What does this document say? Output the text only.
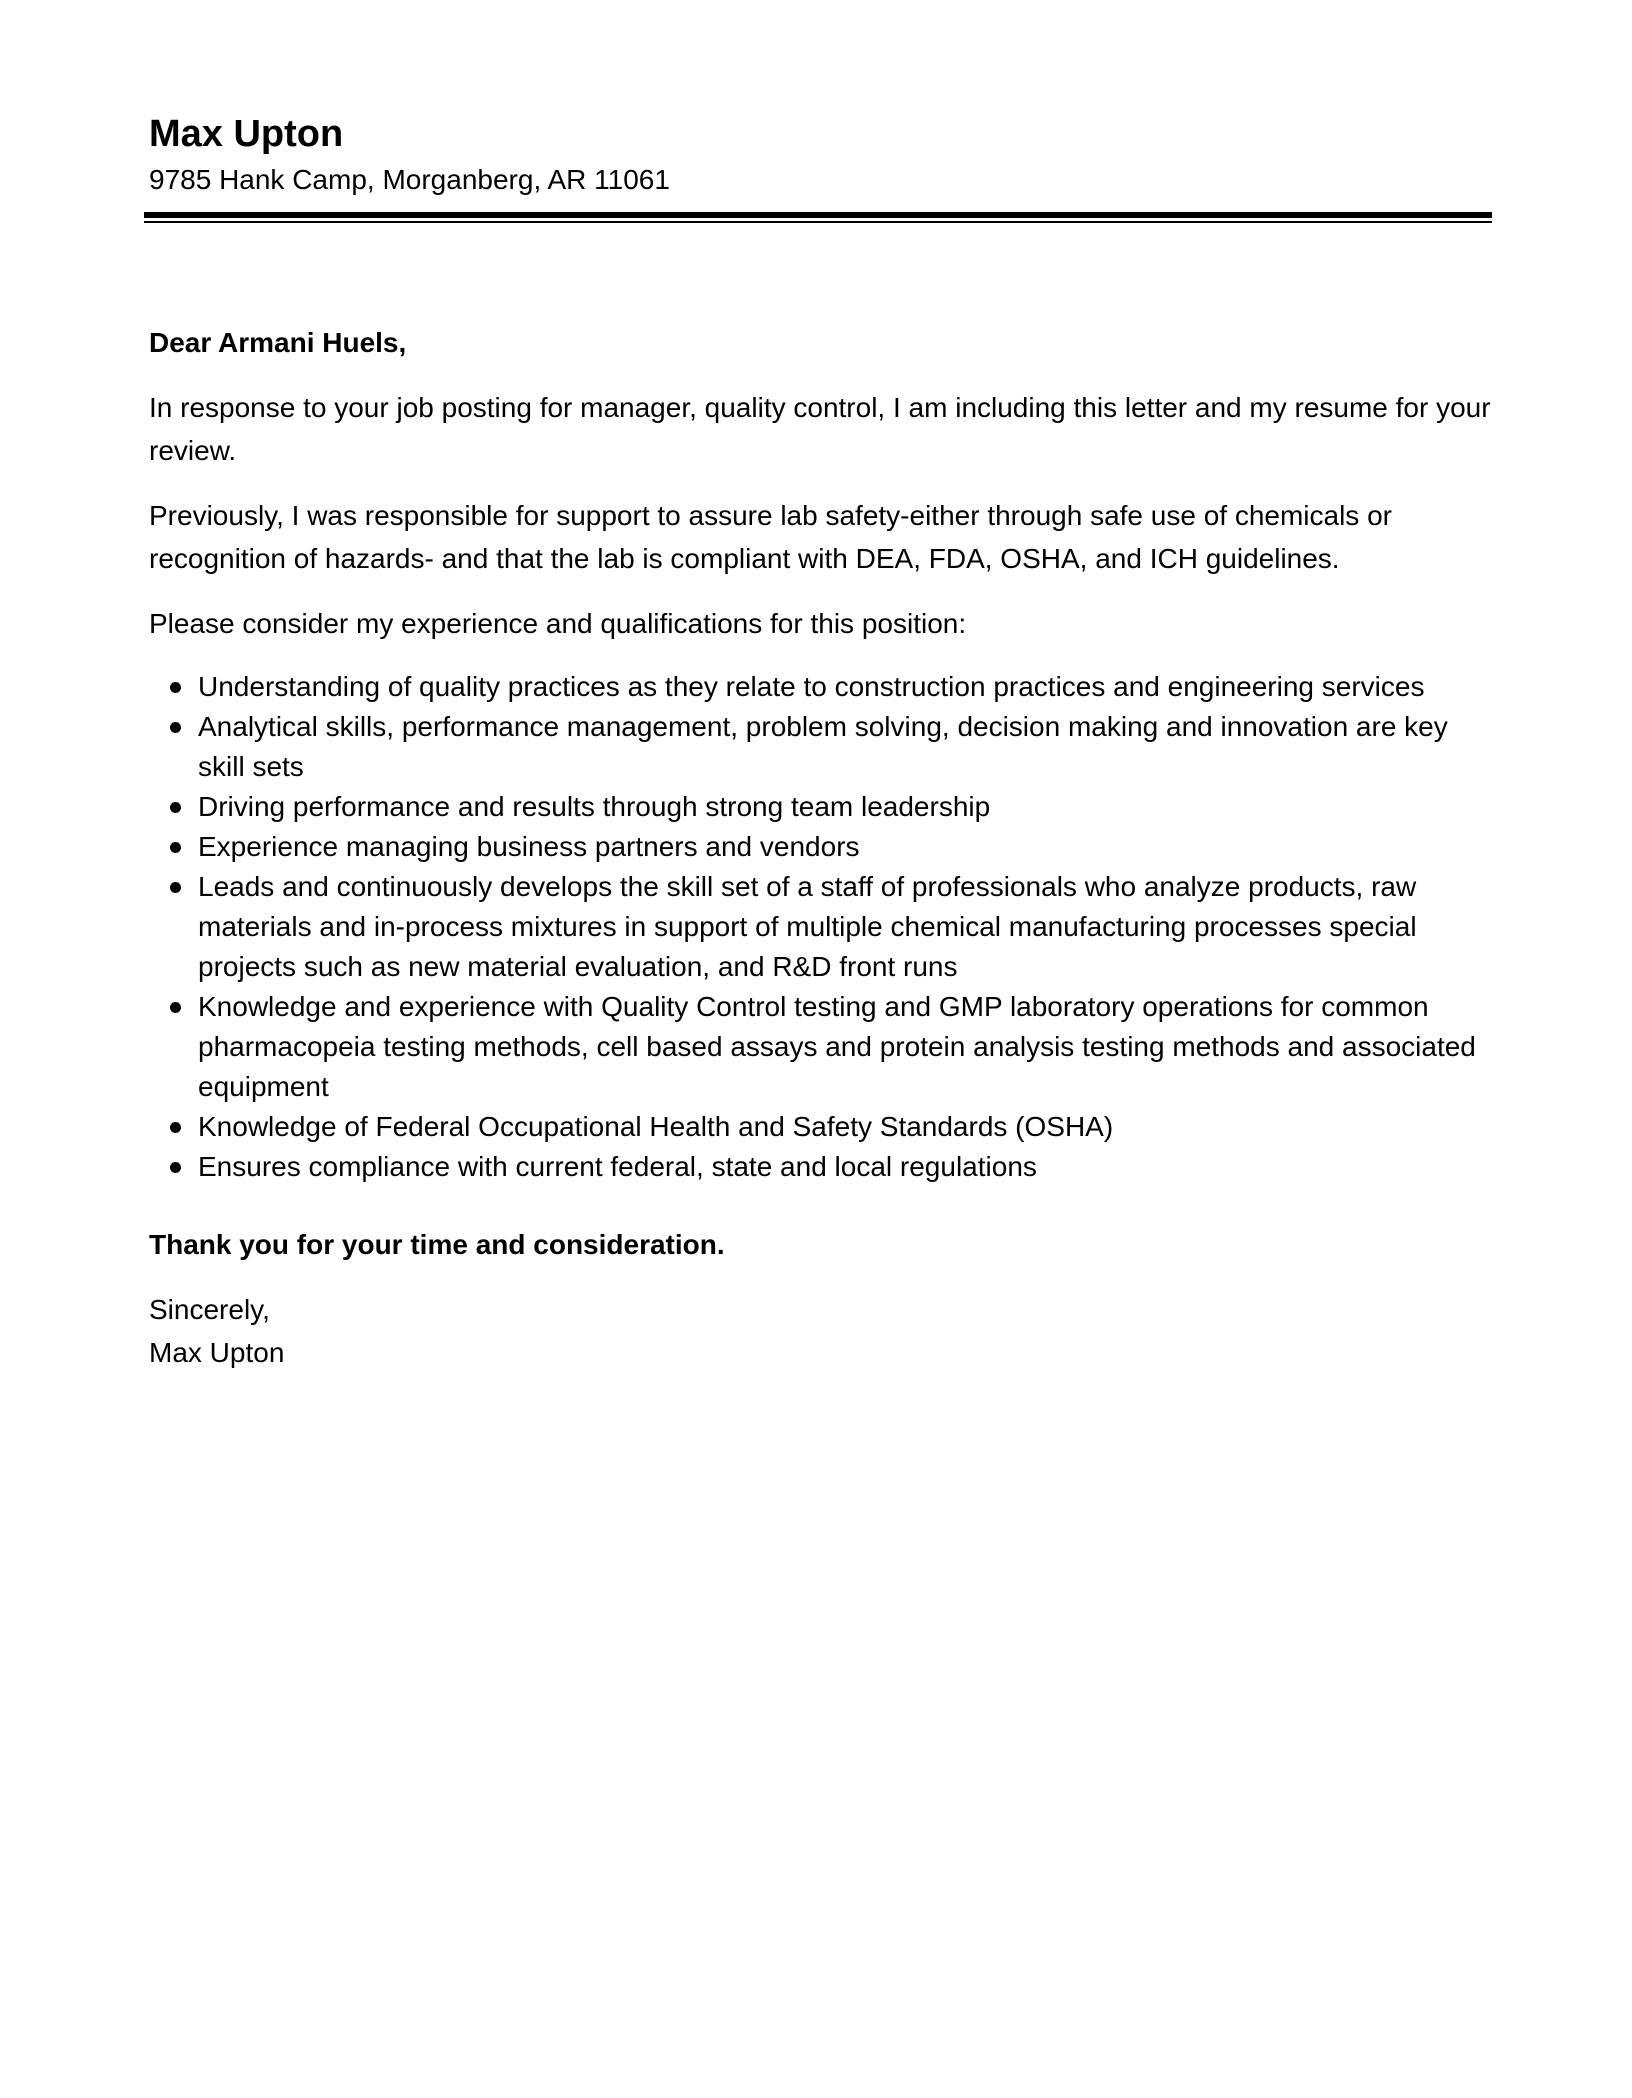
Max Upton

9785 Hank Camp, Morganberg, AR 11061

Dear Armani Huels,

In response to your job posting for manager, quality control, I am including this letter and my resume for your review.

Previously, I was responsible for support to assure lab safety-either through safe use of chemicals or recognition of hazards- and that the lab is compliant with DEA, FDA, OSHA, and ICH guidelines.

Please consider my experience and qualifications for this position:

Understanding of quality practices as they relate to construction practices and engineering services
Analytical skills, performance management, problem solving, decision making and innovation are key skill sets
Driving performance and results through strong team leadership
Experience managing business partners and vendors
Leads and continuously develops the skill set of a staff of professionals who analyze products, raw materials and in-process mixtures in support of multiple chemical manufacturing processes special projects such as new material evaluation, and R&D front runs
Knowledge and experience with Quality Control testing and GMP laboratory operations for common pharmacopeia testing methods, cell based assays and protein analysis testing methods and associated equipment
Knowledge of Federal Occupational Health and Safety Standards (OSHA)
Ensures compliance with current federal, state and local regulations

Thank you for your time and consideration.

Sincerely,

Max Upton
